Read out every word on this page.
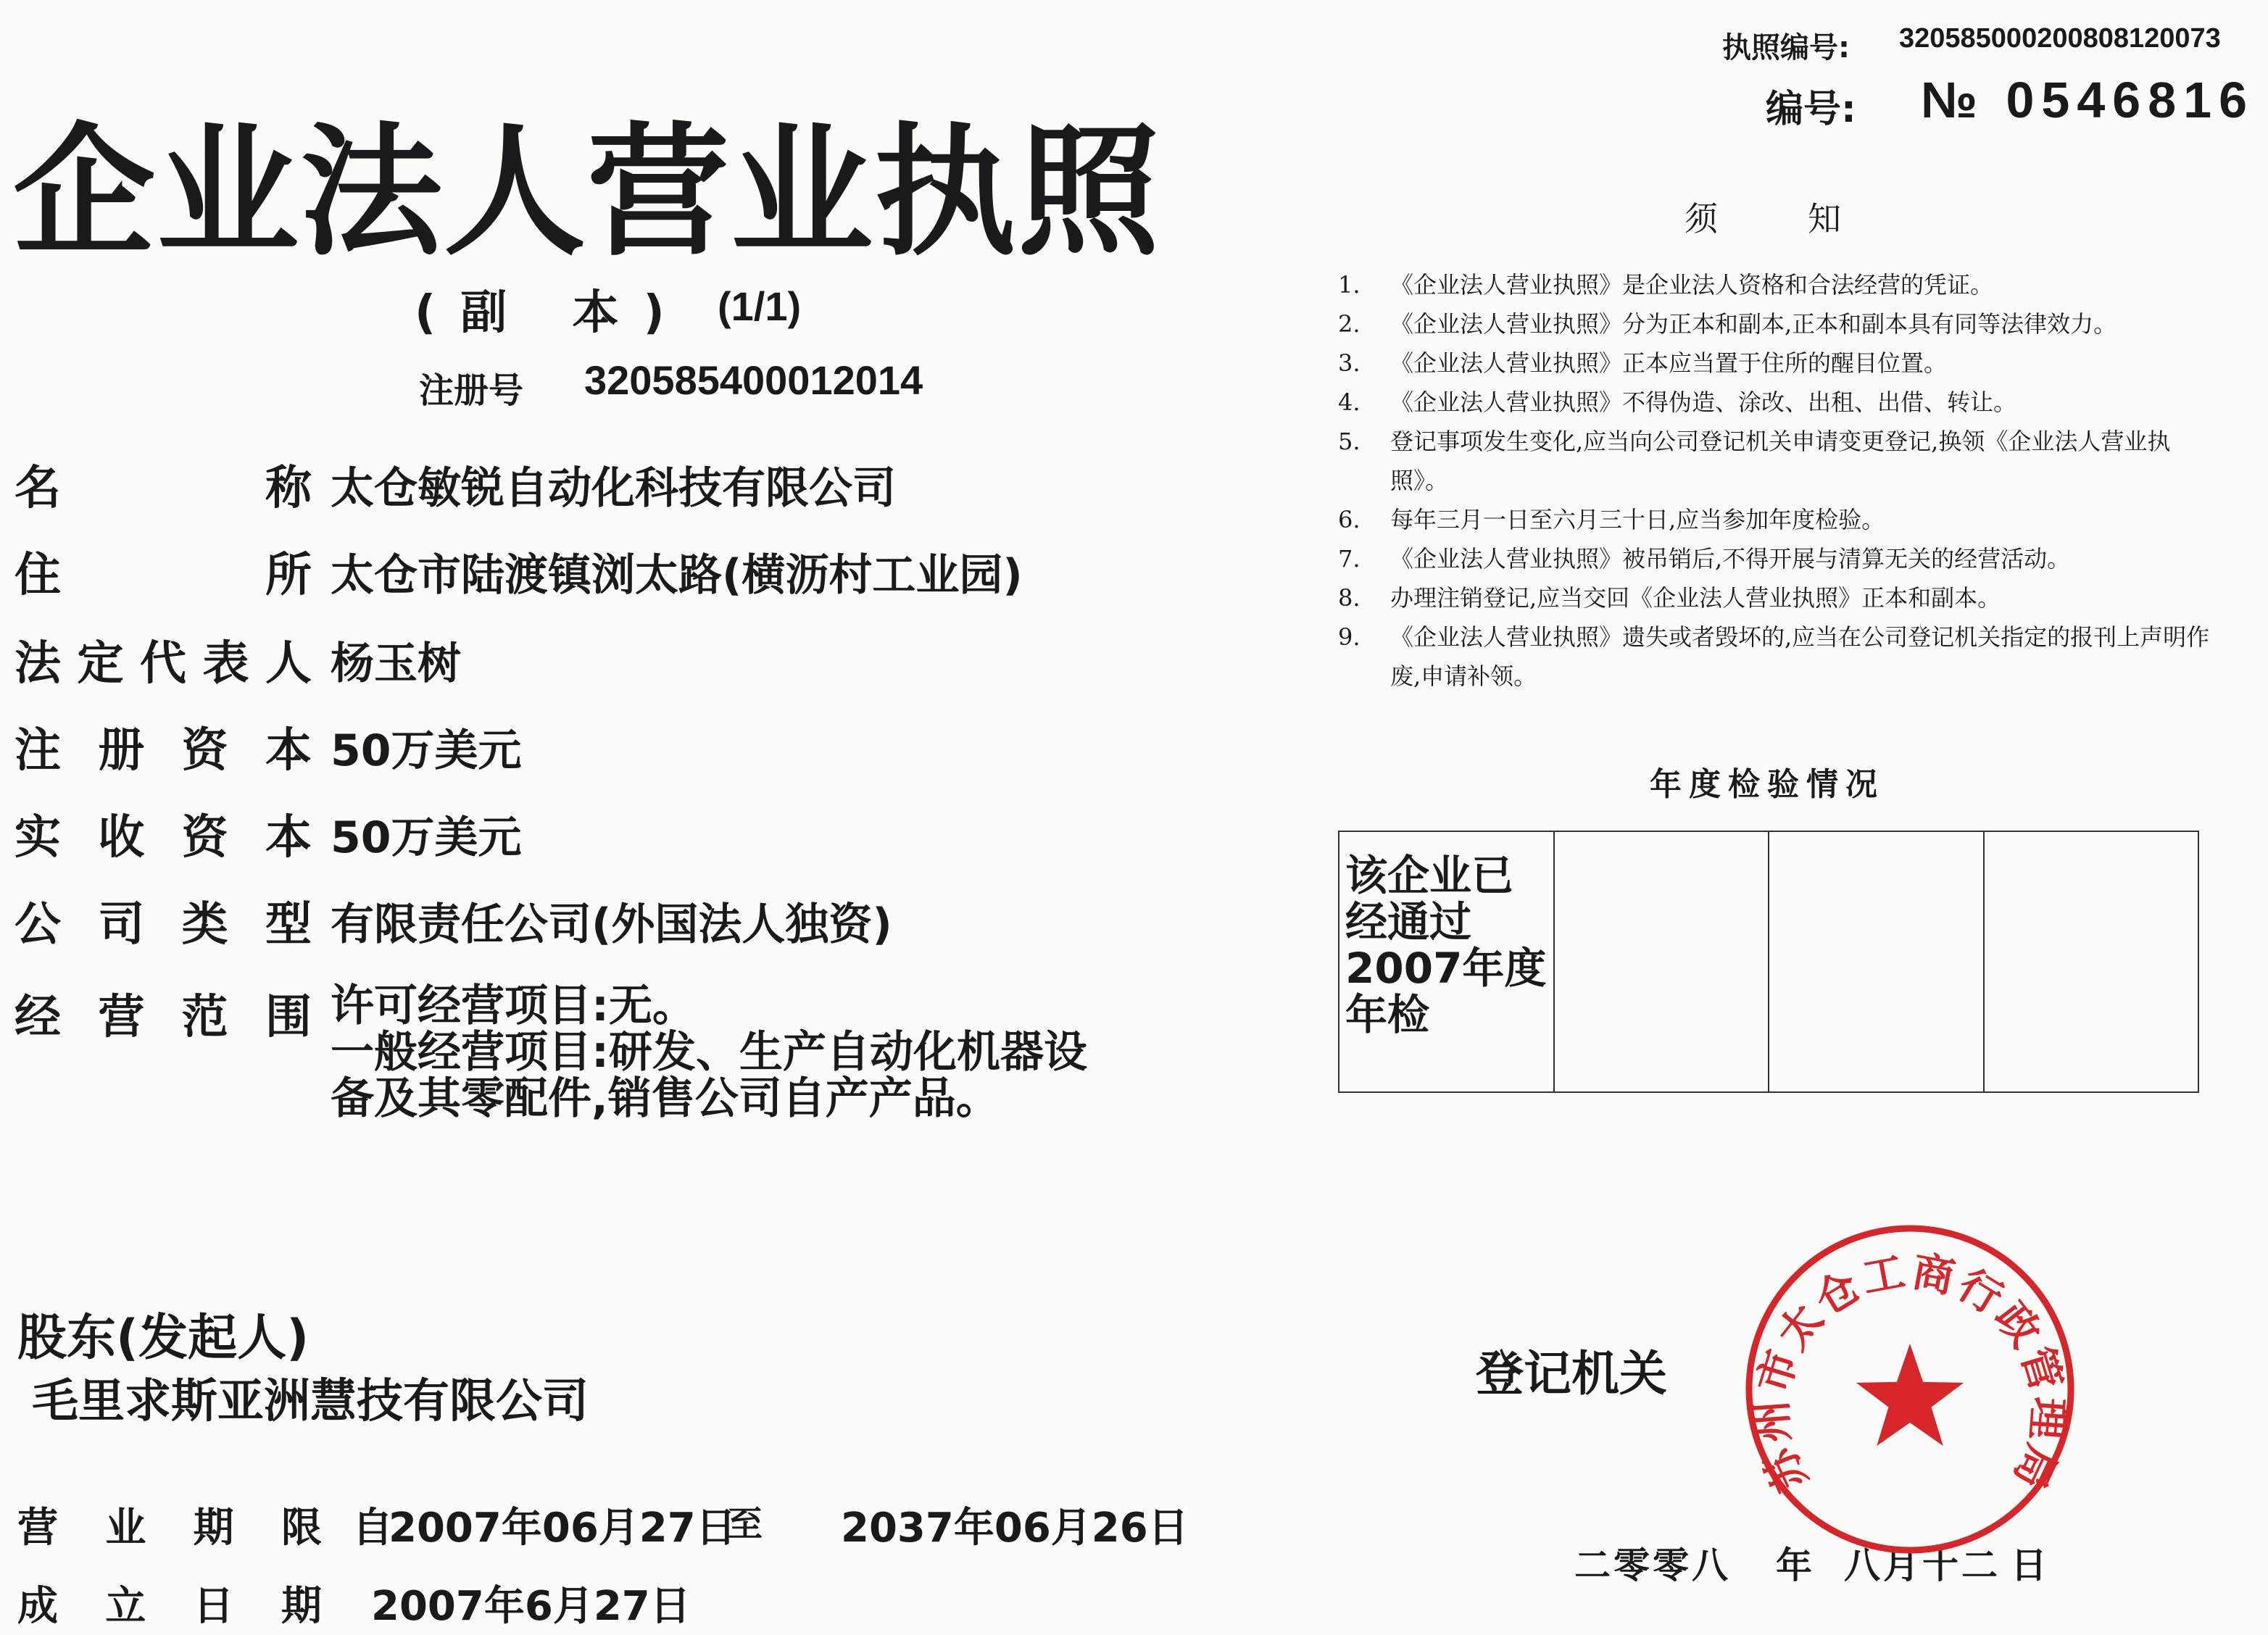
执照编号: 320585000200808120073
编号: № 0546816
企业法人营业执照
(副 本) (1/1)
注册号 320585400012014
名	称 太仓敏锐自动化科技有限公司
住	所 太仓市陆渡镇浏太路(横沥村工业园)
法 定 代 表 人 杨玉树
注 册 资 本 50万美元
实 收 资 本 50万美元
公 司 类 型 有限责任公司(外国法人独资)
经 营 范 围 许可经营项目:无。
一般经营项目:研发、生产自动化机器设
备及其零配件,销售公司自产产品。
须知
1. 《企业法人营业执照》是企业法人资格和合法经营的凭证。
2. 《企业法人营业执照》分为正本和副本,正本和副本具有同等法律效力。
3. 《企业法人营业执照》正本应当置于住所的醒目位置。
4. 《企业法人营业执照》不得伪造、涂改、出租、出借、转让。
5. 登记事项发生变化,应当向公司登记机关申请变更登记,换领《企业法人营业执照》。
6. 每年三月一日至六月三十日,应当参加年度检验。
7. 《企业法人营业执照》被吊销后,不得开展与清算无关的经营活动。
8. 办理注销登记,应当交回《企业法人营业执照》正本和副本。
9. 《企业法人营业执照》遗失或者毁坏的,应当在公司登记机关指定的报刊上声明作废,申请补领。
年度检验情况
该企业已经通过2007年度年检
股东(发起人)
毛里求斯亚洲慧技有限公司
营 业 期 限 自
2007年06月27日
至 2037年06月26日
成 立 日 期 2007年6月27日
登记机关
二零零八 年 八月十二 日
苏州市太仓工商行政管理局
